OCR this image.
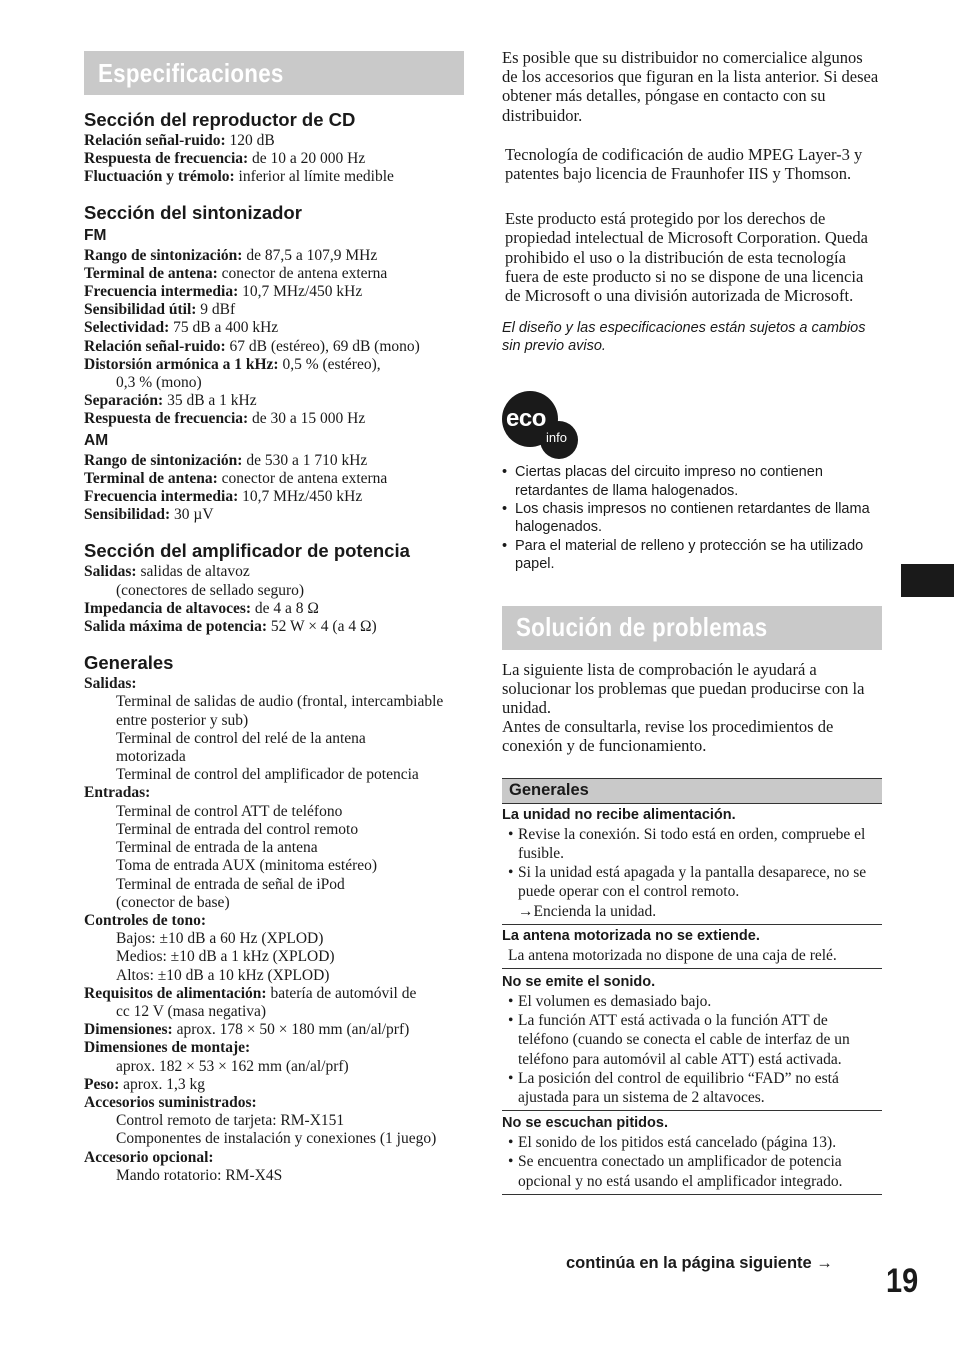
Especificaciones
Sección del reproductor de CD

Relación señal-ruido: 120 dB

Respuesta de frecuencia: de 10 a 20 000 Hz

Fluctuación y trémolo: inferior al límite medible

Sección del sintonizador
FM

Rango de sintonización: de 87,5 a 107,9 MHz

Terminal de antena: conector de antena externa

Frecuencia intermedia: 10,7 MHz/450 kHz

Sensibilidad útil: 9 dBf

Selectividad: 75 dB a 400 kHz

Relación señal-ruido: 67 dB (estéreo), 69 dB (mono)

Distorsión armónica a 1 kHz: 0,5 % (estéreo),

0,3 % (mono)

Separación: 35 dB a 1 kHz

Respuesta de frecuencia: de 30 a 15 000 Hz

AM

Rango de sintonización: de 530 a 1 710 kHz

Terminal de antena: conector de antena externa

Frecuencia intermedia: 10,7 MHz/450 kHz

Sensibilidad: 30 µV

Sección del amplificador de potencia

Salidas: salidas de altavoz

(conectores de sellado seguro)

Impedancia de altavoces: de 4 a 8 Ω

Salida máxima de potencia: 52 W × 4 (a 4 Ω)

Generales

Salidas:

Terminal de salidas de audio (frontal, intercambiable entre posterior y sub)

Terminal de control del relé de la antena motorizada

Terminal de control del amplificador de potencia

Entradas:

Terminal de control ATT de teléfono

Terminal de entrada del control remoto

Terminal de entrada de la antena

Toma de entrada AUX (minitoma estéreo)

Terminal de entrada de señal de iPod (conector de base)

Controles de tono:

Bajos: ±10 dB a 60 Hz (XPLOD)

Medios: ±10 dB a 1 kHz (XPLOD)

Altos: ±10 dB a 10 kHz (XPLOD)

Requisitos de alimentación: batería de automóvil de

cc 12 V (masa negativa)

Dimensiones: aprox. 178 × 50 × 180 mm (an/al/prf)

Dimensiones de montaje:

aprox. 182 × 53 × 162 mm (an/al/prf)

Peso: aprox. 1,3 kg

Accesorios suministrados:

Control remoto de tarjeta: RM-X151

Componentes de instalación y conexiones (1 juego)

Accesorio opcional:

Mando rotatorio: RM-X4S

Es posible que su distribuidor no comercialice algunos de los accesorios que figuran en la lista anterior. Si desea obtener más detalles, póngase en contacto con su distribuidor.

Tecnología de codificación de audio MPEG Layer-3 y patentes bajo licencia de Fraunhofer IIS y Thomson.

Este producto está protegido por los derechos de propiedad intelectual de Microsoft Corporation. Queda prohibido el uso o la distribución de esta tecnología fuera de este producto si no se dispone de una licencia de Microsoft o una división autorizada de Microsoft.

El diseño y las especificaciones están sujetos a cambios sin previo aviso.

eco
info
• Ciertas placas del circuito impreso no contienen retardantes de llama halogenados.
• Los chasis impresos no contienen retardantes de llama halogenados.
• Para el material de relleno y protección se ha utilizado papel.
Solución de problemas

La siguiente lista de comprobación le ayudará a solucionar los problemas que puedan producirse con la unidad.

Antes de consultarla, revise los procedimientos de conexión y de funcionamiento.

Generales

La unidad no recibe alimentación.

• Revise la conexión. Si todo está en orden, compruebe el fusible.
• Si la unidad está apagada y la pantalla desaparece, no se puede operar con el control remoto.

→Encienda la unidad.

La antena motorizada no se extiende.

La antena motorizada no dispone de una caja de relé.

No se emite el sonido.

• El volumen es demasiado bajo.
• La función ATT está activada o la función ATT de teléfono (cuando se conecta el cable de interfaz de un teléfono para automóvil al cable ATT) está activada.
• La posición del control de equilibrio “FAD” no está ajustada para un sistema de 2 altavoces.

No se escuchan pitidos.

• El sonido de los pitidos está cancelado (página 13).
• Se encuentra conectado un amplificador de potencia opcional y no está usando el amplificador integrado.
continúa en la página siguiente → 19
